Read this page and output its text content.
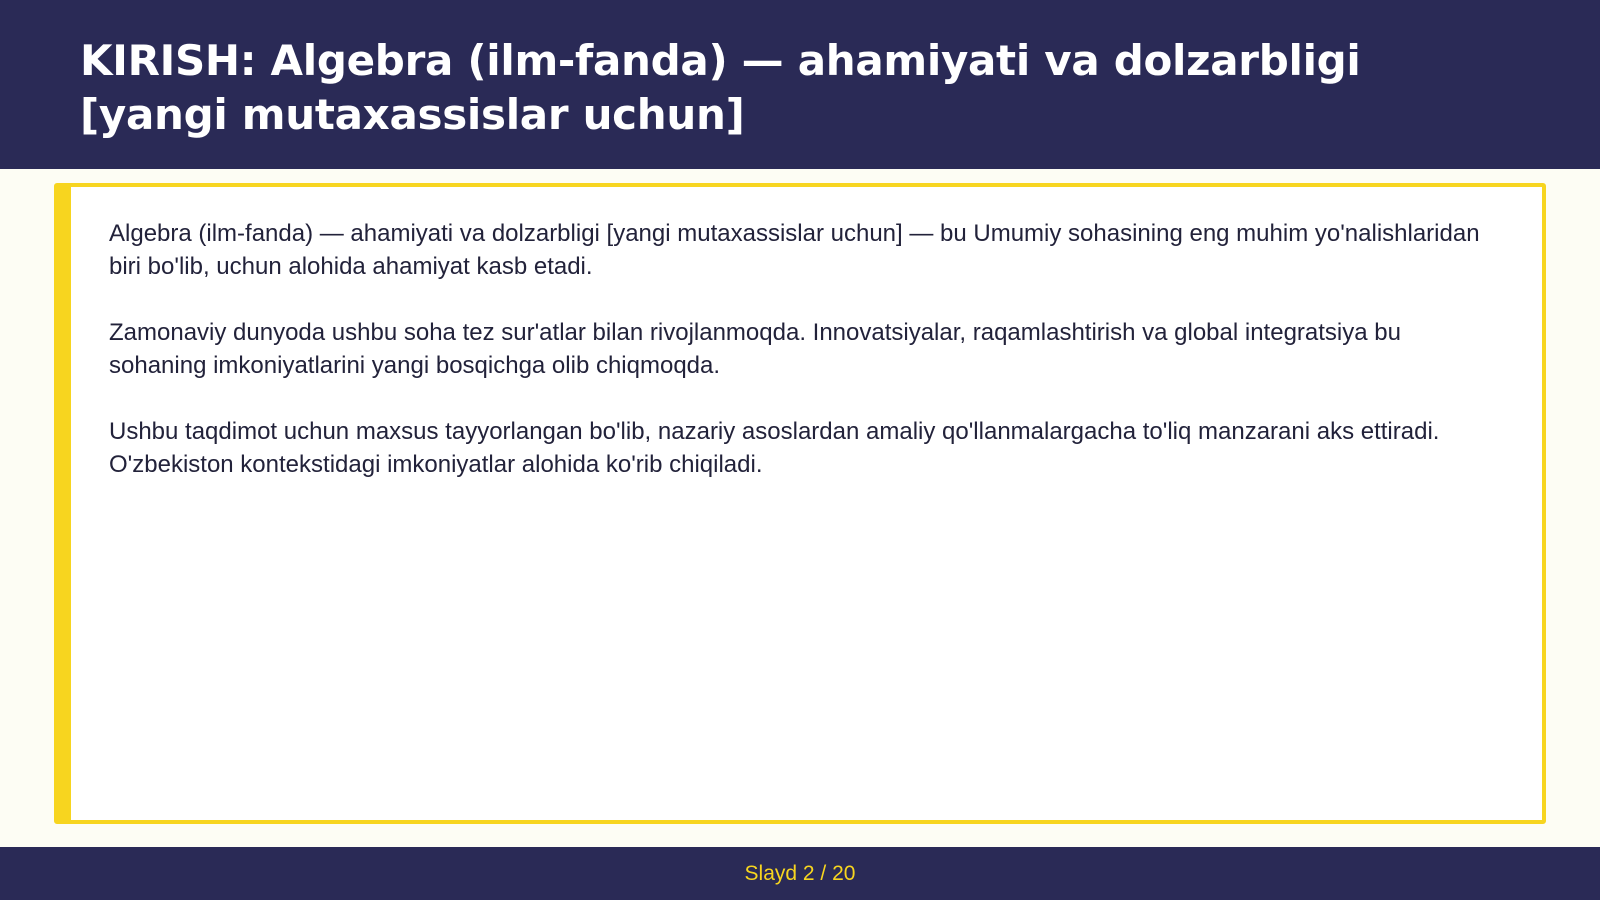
KIRISH: Algebra (ilm-fanda) — ahamiyati va dolzarbligi [yangi mutaxassislar uchun]

Algebra (ilm-fanda) — ahamiyati va dolzarbligi [yangi mutaxassislar uchun] — bu Umumiy sohasining eng muhim yo'nalishlaridan biri bo'lib, uchun alohida ahamiyat kasb etadi.

Zamonaviy dunyoda ushbu soha tez sur'atlar bilan rivojlanmoqda. Innovatsiyalar, raqamlashtirish va global integratsiya bu sohaning imkoniyatlarini yangi bosqichga olib chiqmoqda.

Ushbu taqdimot uchun maxsus tayyorlangan bo'lib, nazariy asoslardan amaliy qo'llanmalargacha to'liq manzarani aks ettiradi. O'zbekiston kontekstidagi imkoniyatlar alohida ko'rib chiqiladi.

Slayd 2 / 20
